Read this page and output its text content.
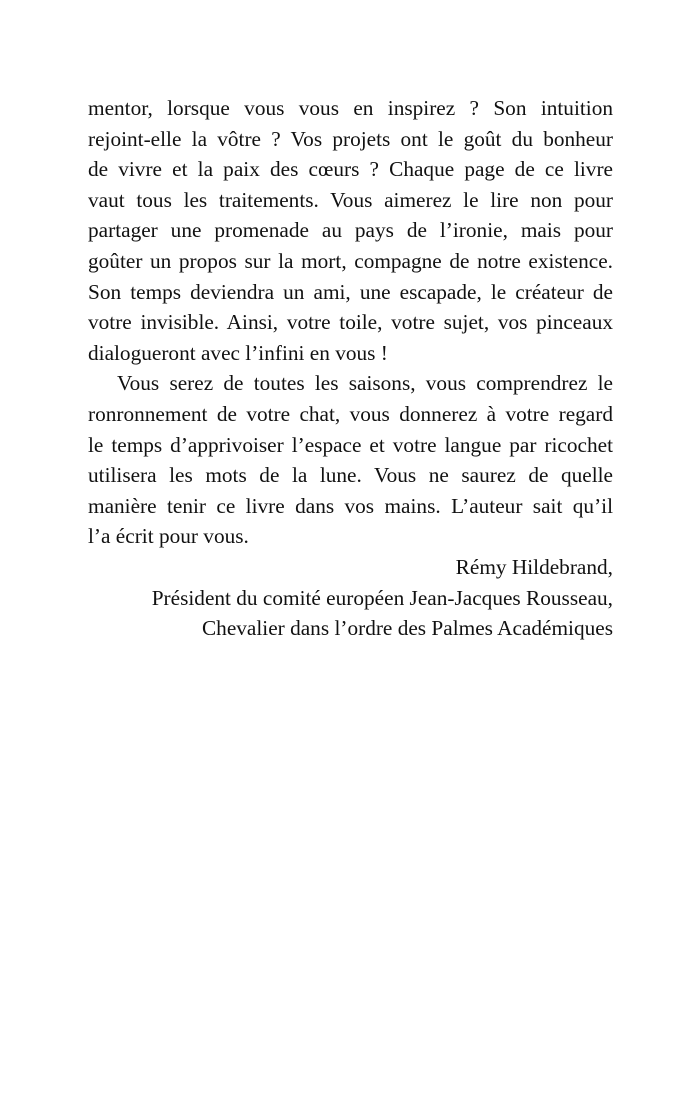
mentor, lorsque vous vous en inspirez ? Son intuition
rejoint-elle la vôtre ? Vos projets ont le goût du bonheur
de vivre et la paix des cœurs ? Chaque page de ce livre
vaut tous les traitements. Vous aimerez le lire non pour
partager une promenade au pays de l’ironie, mais pour
goûter un propos sur la mort, compagne de notre existence.
Son temps deviendra un ami, une escapade, le créateur de
votre invisible. Ainsi, votre toile, votre sujet, vos pinceaux
dialogueront avec l’infini en vous !
Vous serez de toutes les saisons, vous comprendrez le
ronronnement de votre chat, vous donnerez à votre regard
le temps d’apprivoiser l’espace et votre langue par ricochet
utilisera les mots de la lune. Vous ne saurez de quelle
manière tenir ce livre dans vos mains. L’auteur sait qu’il
l’a écrit pour vous.
Rémy Hildebrand,
Président du comité européen Jean-Jacques Rousseau,
Chevalier dans l’ordre des Palmes Académiques
